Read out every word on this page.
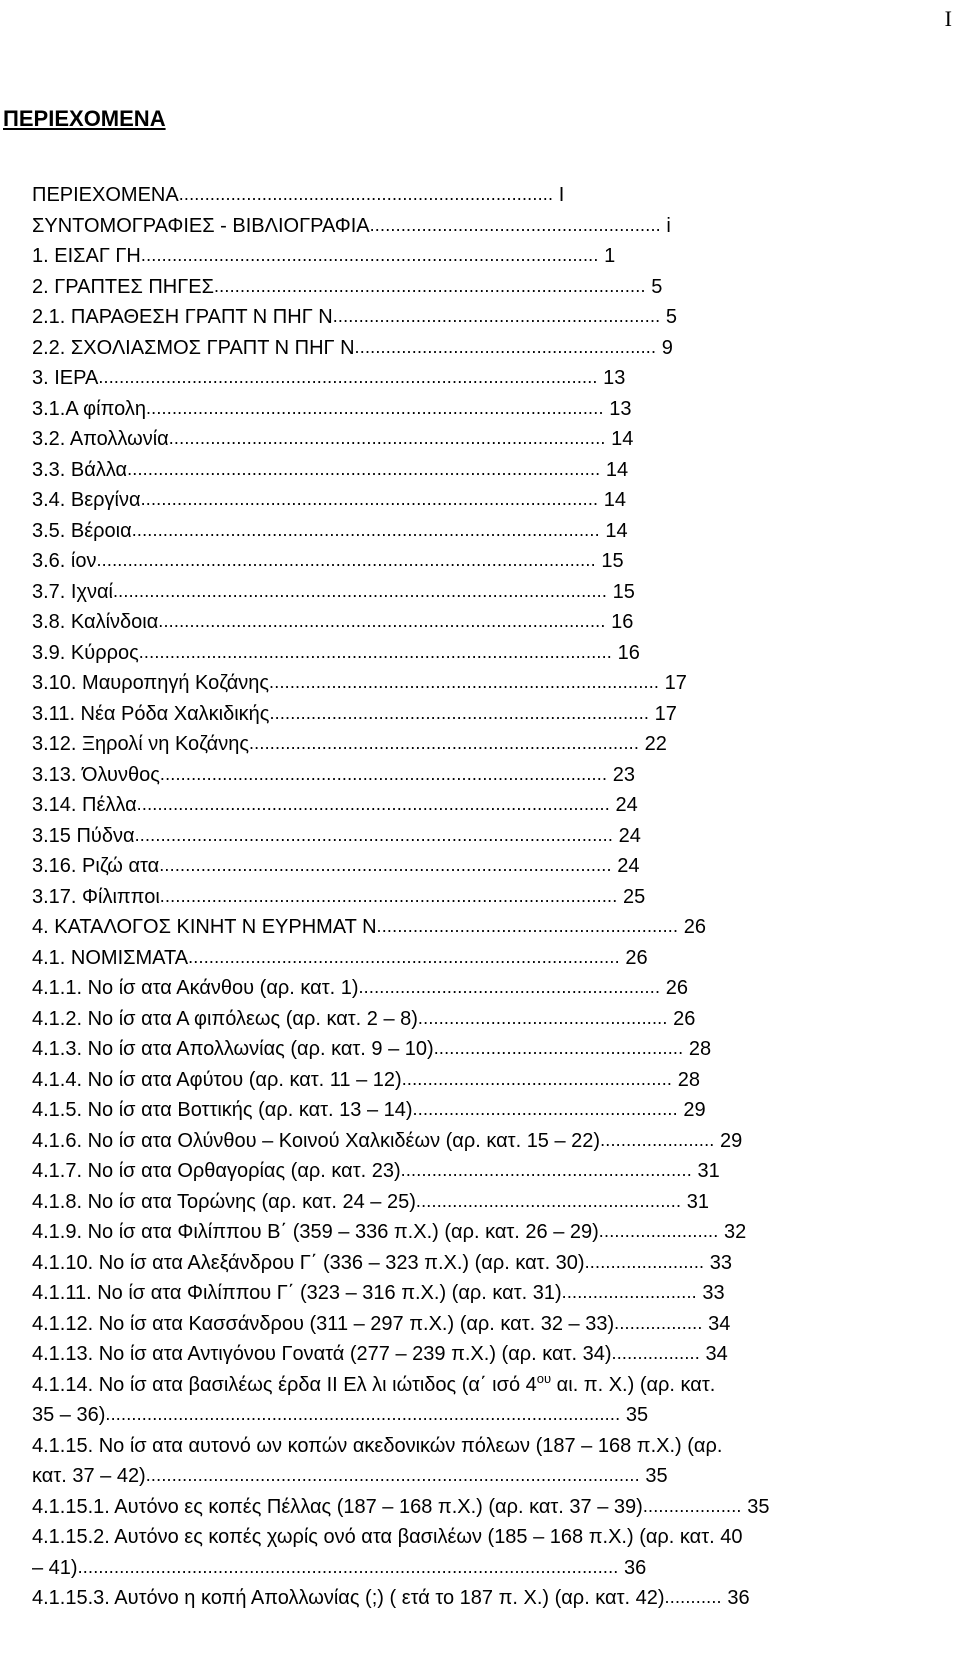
I
ΠΕΡΙΕΧΟΜΕΝΑ
ΠΕΡΙΕΧΟΜΕΝΑ........................................................................ I
ΣΥΝΤΟΜΟΓΡΑΦΙΕΣ - ΒΙΒΛΙΟΓΡΑΦΙΑ........................................................ i
1. ΕΙΣΑΓ ΓΗ........................................................................................ 1
2. ΓΡΑΠΤΕΣ ΠΗΓΕΣ................................................................................... 5
2.1. ΠΑΡΑΘΕΣΗ ΓΡΑΠΤ Ν ΠΗΓ Ν............................................................... 5
2.2. ΣΧΟΛΙΑΣΜΟΣ ΓΡΑΠΤ Ν ΠΗΓ Ν.......................................................... 9
3. ΙΕΡΑ................................................................................................ 13
3.1.Α φίπολη........................................................................................ 13
3.2. Απολλωνία.................................................................................... 14
3.3. Βάλλα........................................................................................... 14
3.4. Βεργίνα........................................................................................ 14
3.5. Βέροια.......................................................................................... 14
3.6. ίον................................................................................................ 15
3.7. Ιχναί............................................................................................... 15
3.8. Καλίνδοια...................................................................................... 16
3.9. Κύρρος........................................................................................... 16
3.10. Μαυροπηγή Κοζάνης........................................................................... 17
3.11. Νέα Ρόδα Χαλκιδικής......................................................................... 17
3.12. Ξηρολί νη Κοζάνης........................................................................... 22
3.13. Όλυνθος...................................................................................... 23
3.14. Πέλλα........................................................................................... 24
3.15 Πύδνα............................................................................................ 24
3.16. Ριζώ ατα....................................................................................... 24
3.17. Φίλιπποι........................................................................................ 25
4. ΚΑΤΑΛΟΓΟΣ ΚΙΝΗΤ Ν ΕΥΡΗΜΑΤ Ν.......................................................... 26
4.1. ΝΟΜΙΣΜΑΤΑ................................................................................... 26
4.1.1. Νο ίσ ατα Ακάνθου (αρ. κατ. 1).......................................................... 26
4.1.2. Νο ίσ ατα Α φιπόλεως (αρ. κατ. 2 – 8)................................................ 26
4.1.3. Νο ίσ ατα Απολλωνίας (αρ. κατ. 9 – 10)................................................ 28
4.1.4. Νο ίσ ατα Αφύτου (αρ. κατ. 11 – 12).................................................... 28
4.1.5. Νο ίσ ατα Βοττικής (αρ. κατ. 13 – 14)................................................... 29
4.1.6. Νο ίσ ατα Ολύνθου – Κοινού Χαλκιδέων (αρ. κατ. 15 – 22)...................... 29
4.1.7. Νο ίσ ατα Ορθαγορίας (αρ. κατ. 23)........................................................ 31
4.1.8. Νο ίσ ατα Τορώνης (αρ. κατ. 24 – 25)................................................... 31
4.1.9. Νο ίσ ατα Φιλίππου Β΄ (359 – 336 π.Χ.) (αρ. κατ. 26 – 29)....................... 32
4.1.10. Νο ίσ ατα Αλεξάνδρου Γ΄ (336 – 323 π.Χ.) (αρ. κατ. 30)....................... 33
4.1.11. Νο ίσ ατα Φιλίππου Γ΄ (323 – 316 π.Χ.) (αρ. κατ. 31).......................... 33
4.1.12. Νο ίσ ατα Κασσάνδρου (311 – 297 π.Χ.) (αρ. κατ. 32 – 33)................. 34
4.1.13. Νο ίσ ατα Αντιγόνου Γονατά (277 – 239 π.Χ.) (αρ. κατ. 34)................. 34
4.1.14. Νο ίσ ατα βασιλέως έρδα ΙΙ Ελ λι ιώτιδος (α΄ ισό $4^{o\upsilon}$ αι. π. Χ.) (αρ. κατ.
35 – 36)................................................................................................... 35
4.1.15. Νο ίσ ατα αυτονό ων κοπών ακεδονικών πόλεων (187 – 168 π.Χ.) (αρ.
κατ. 37 – 42)............................................................................................... 35
4.1.15.1. Αυτόνο ες κοπές Πέλλας (187 – 168 π.Χ.) (αρ. κατ. 37 – 39)................... 35
4.1.15.2. Αυτόνο ες κοπές χωρίς ονό ατα βασιλέων (185 – 168 π.Χ.) (αρ. κατ. 40
– 41)........................................................................................................ 36
4.1.15.3. Αυτόνο η κοπή Απολλωνίας (;) ( ετά το 187 π. Χ.) (αρ. κατ. 42)........... 36
